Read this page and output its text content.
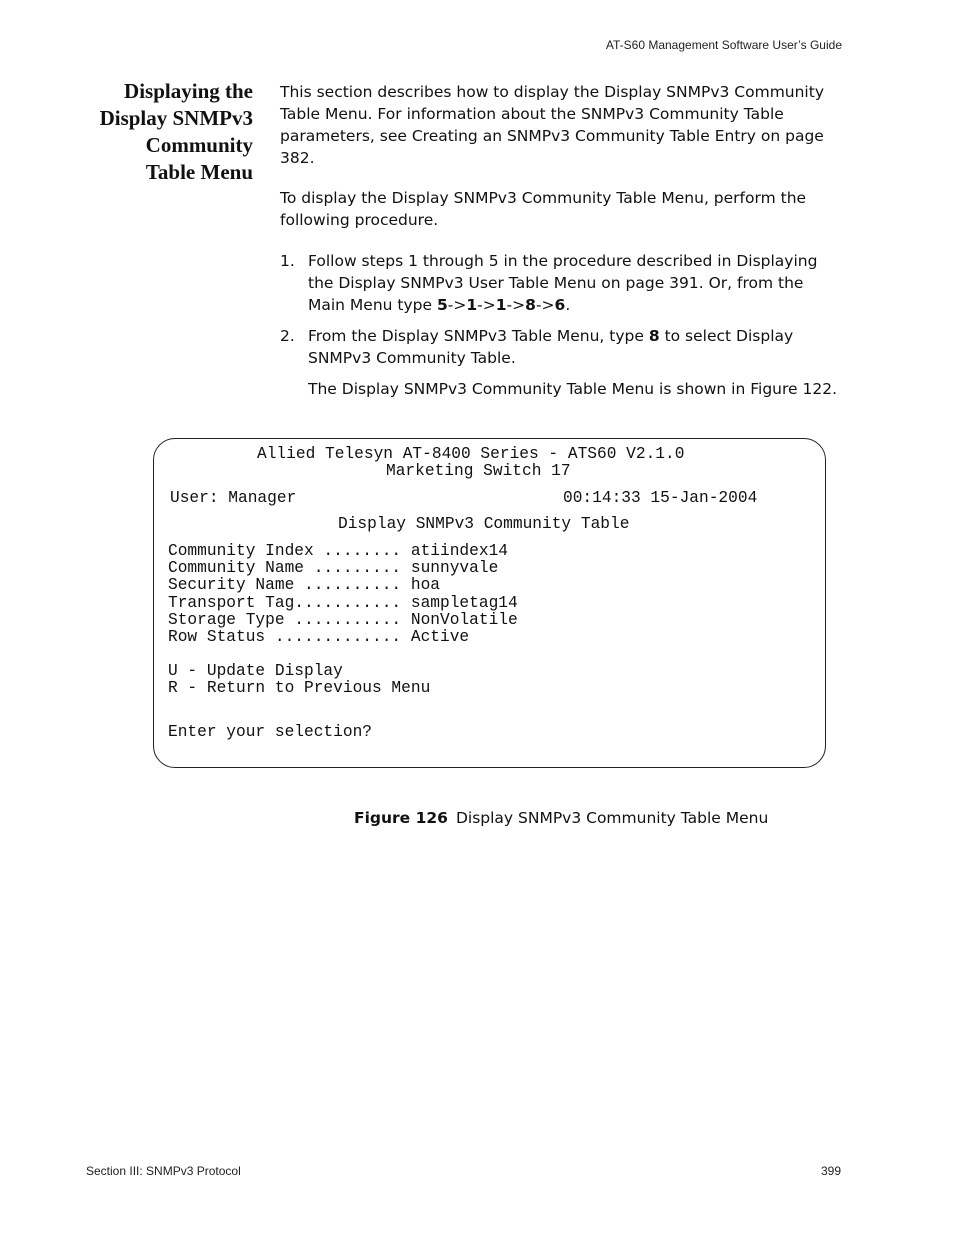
AT-S60 Management Software User’s Guide
Displaying the
Display SNMPv3
Community
Table Menu
This section describes how to display the Display SNMPv3 Community Table Menu. For information about the SNMPv3 Community Table parameters, see Creating an SNMPv3 Community Table Entry on page 382.
To display the Display SNMPv3 Community Table Menu, perform the following procedure.
1. Follow steps 1 through 5 in the procedure described in Displaying the Display SNMPv3 User Table Menu on page 391. Or, from the Main Menu type 5->1->1->8->6.
2. From the Display SNMPv3 Table Menu, type 8 to select Display SNMPv3 Community Table.
The Display SNMPv3 Community Table Menu is shown in Figure 122.
Allied Telesyn AT-8400 Series - ATS60 V2.1.0
Marketing Switch 17
User: Manager	00:14:33 15-Jan-2004
Display SNMPv3 Community Table
Community Index ........ atiindex14
Community Name ......... sunnyvale
Security Name .......... hoa
Transport Tag........... sampletag14
Storage Type ........... NonVolatile
Row Status ............. Active
U - Update Display
R - Return to Previous Menu
Enter your selection?
Figure 126 Display SNMPv3 Community Table Menu
Section III: SNMPv3 Protocol	399
